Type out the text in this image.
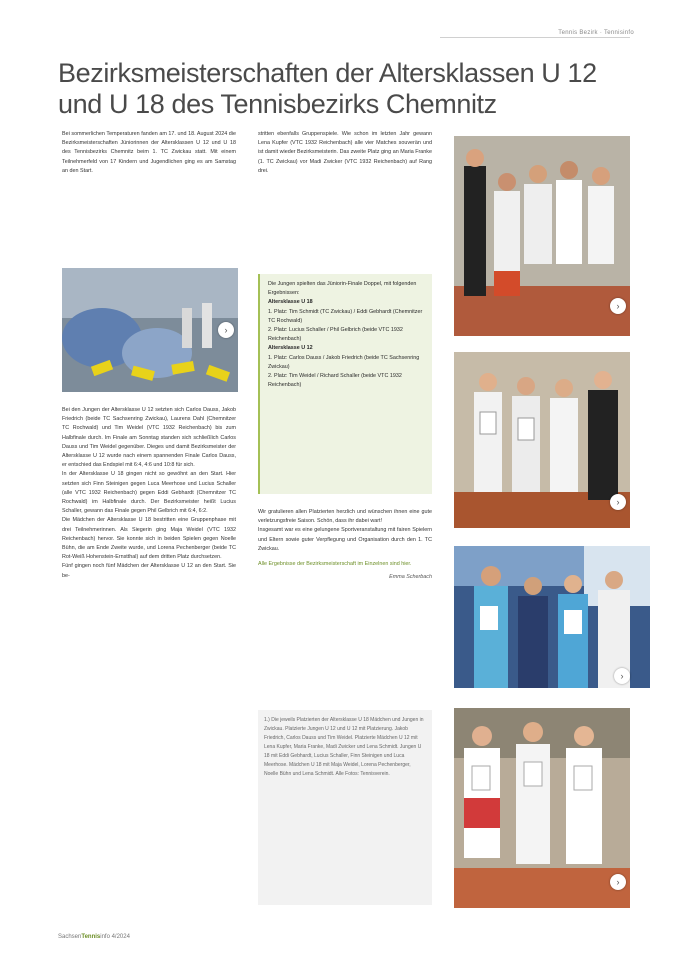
Tennis Bezirk · Tennisinfo
Bezirksmeisterschaften der Altersklassen U 12 und U 18 des Tennisbezirks Chemnitz

Bei sommerlichen Temperaturen fanden am 17. und 18. August 2024 die Bezirksmeisterschaften Jüniorinnen der Altersklassen U 12 und U 18 des Tennisbezirks Chemnitz beim 1. TC Zwickau statt. Mit einem Teilnehmerfeld von 17 Kindern und Jugendlichen ging es am Samstag an den Start.

›

Bei den Jungen der Altersklasse U 12 setzten sich Carlos Dauss, Jakob Friedrich (beide TC Sachsenring Zwickau), Laurens Dahl (Chemnitzer TC Rochwald) und Tim Weidel (VTC 1932 Reichenbach) bis zum Halbfinale durch. Im Finale am Sonntag standen sich schließlich Carlos Dauss und Tim Weidel gegenüber. Dieges und damit Bezirksmeister der Altersklasse U 12 wurde nach einem spannenden Finale Carlos Dauss, er entschied das Endspiel mit 6:4, 4:6 und 10:8 für sich.

In der Altersklasse U 18 gingen nicht so gewöhnt an den Start. Hier setzten sich Finn Steinigen gegen Luca Meerhose und Lucius Schaller (alle VTC 1932 Reichenbach) gegen Eddi Gebhardt (Chemnitzer TC Rochwald) im Halbfinale durch. Der Bezirksmeister heißt Lucius Schaller, gewann das Finale gegen Phil Gelbrich mit 6:4, 6:2.

Die Mädchen der Altersklasse U 18 bestritten eine Gruppenphase mit drei Teilnehmerinnen. Als Siegerin ging Maja Weidel (VTC 1932 Reichenbach) hervor. Sie konnte sich in beiden Spielen gegen Noelle Bühn, die am Ende Zweite wurde, und Lorena Pechenberger (beide TC Rot-Weiß Hohenstein-Ernstthal) auf dem dritten Platz durchsetzen.

Fünf gingen noch fünf Mädchen der Altersklasse U 12 an den Start. Sie be-

stritten ebenfalls Gruppenspiele. Wie schon im letzten Jahr gewann Lena Kupfer (VTC 1932 Reichenbach) alle vier Matches souverän und ist damit wieder Bezirksmeisterin. Das zweite Platz ging an Maria Franke (1. TC Zwickau) vor Madi Zwicker (VTC 1932 Reichenbach) auf Rang drei.

Die Jungen spielten das Jüniorin-Finale Doppel, mit folgenden Ergebnissen:

Altersklasse U 18

1. Platz: Tim Schmidt (TC Zwickau) / Eddi Gebhardt (Chemnitzer TC Rochwald)

2. Platz: Lucius Schaller / Phil Gelbrich (beide VTC 1932 Reichenbach)

Altersklasse U 12

1. Platz: Carlos Dauss / Jakob Friedrich (beide TC Sachsenring Zwickau)

2. Platz: Tim Weidel / Richard Schaller (beide VTC 1932 Reichenbach)

Wir gratulieren allen Platzierten herzlich und wünschen ihnen eine gute verletzungsfreie Saison. Schön, dass ihr dabei wart!

Insgesamt war es eine gelungene Sportveranstaltung mit fairen Spielern und Eltern sowie guter Verpflegung und Organisation durch den 1. TC Zwickau.

Alle Ergebnisse der Bezirksmeisterschaft im Einzelnen sind hier.

Emma Scherbach

1.) Die jeweils Platzierten der Altersklasse U 18 Mädchen und Jungen in Zwickau. Platzierte Jungen U 12 und U 12 mit Platzierung. Jakob Friedrich, Carlos Dauss und Tim Weidel. Platzierte Mädchen U 12 mit Lena Kupfer, Maria Franke, Madi Zwicker und Lena Schmidt. Jungen U 18 mit Eddi Gebhardt, Lucius Schaller, Finn Steinigen und Luca Meerhose. Mädchen U 18 mit Maja Weidel, Lorena Pechenberger, Noelle Bühn und Lena Schmidt. Alle Fotos: Tennisverein.
›
›
›
›
SachsenTennisinfo 4/2024
